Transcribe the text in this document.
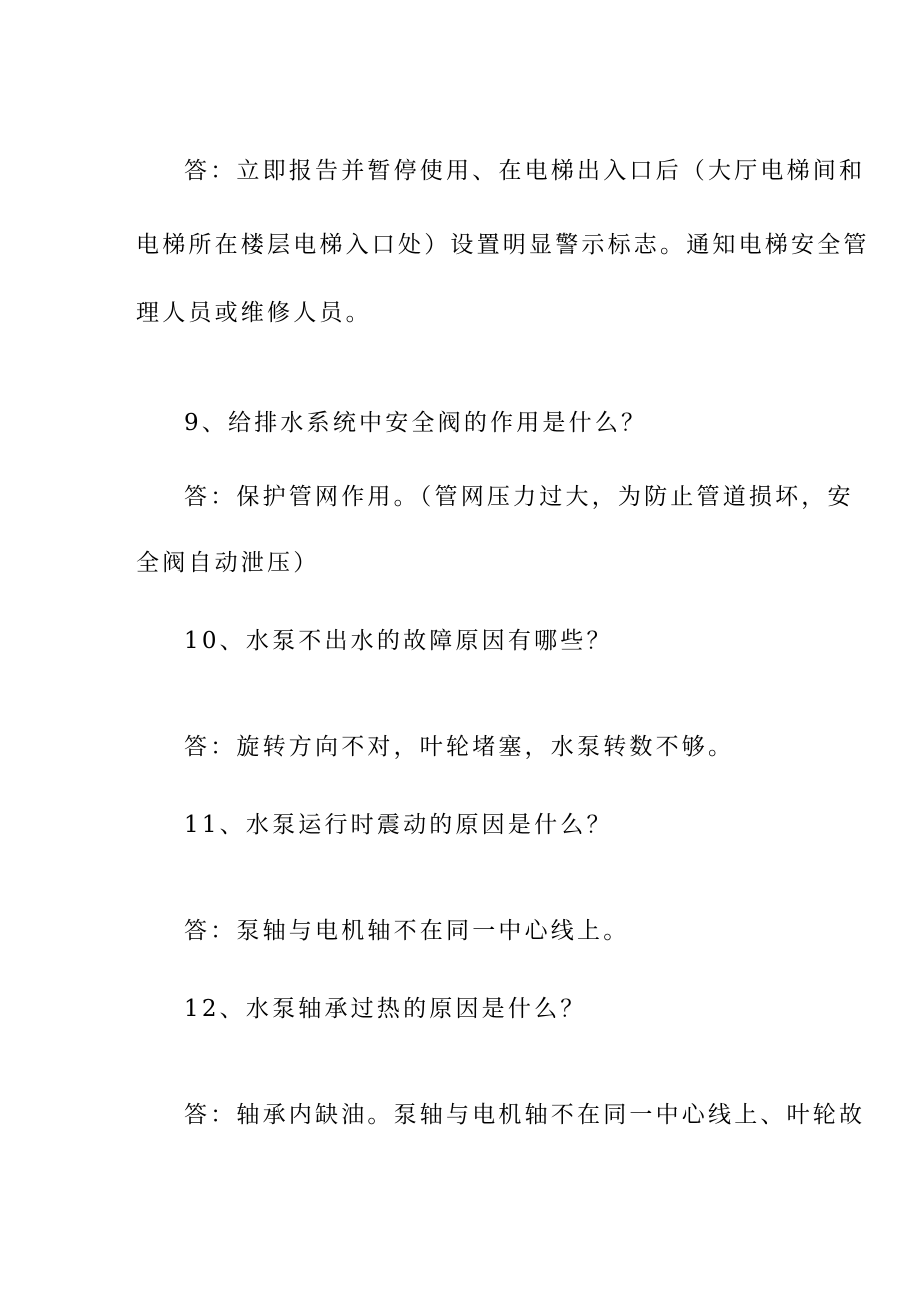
答：立即报告并暂停使用、在电梯出入口后（大厅电梯间和
电梯所在楼层电梯入口处）设置明显警示标志。通知电梯安全管
理人员或维修人员。
9、给排水系统中安全阀的作用是什么？
答：保护管网作用。（管网压力过大，为防止管道损坏，安
全阀自动泄压）
10、水泵不出水的故障原因有哪些？
答：旋转方向不对，叶轮堵塞，水泵转数不够。
11、水泵运行时震动的原因是什么？
答：泵轴与电机轴不在同一中心线上。
12、水泵轴承过热的原因是什么？
答：轴承内缺油。泵轴与电机轴不在同一中心线上、叶轮故
